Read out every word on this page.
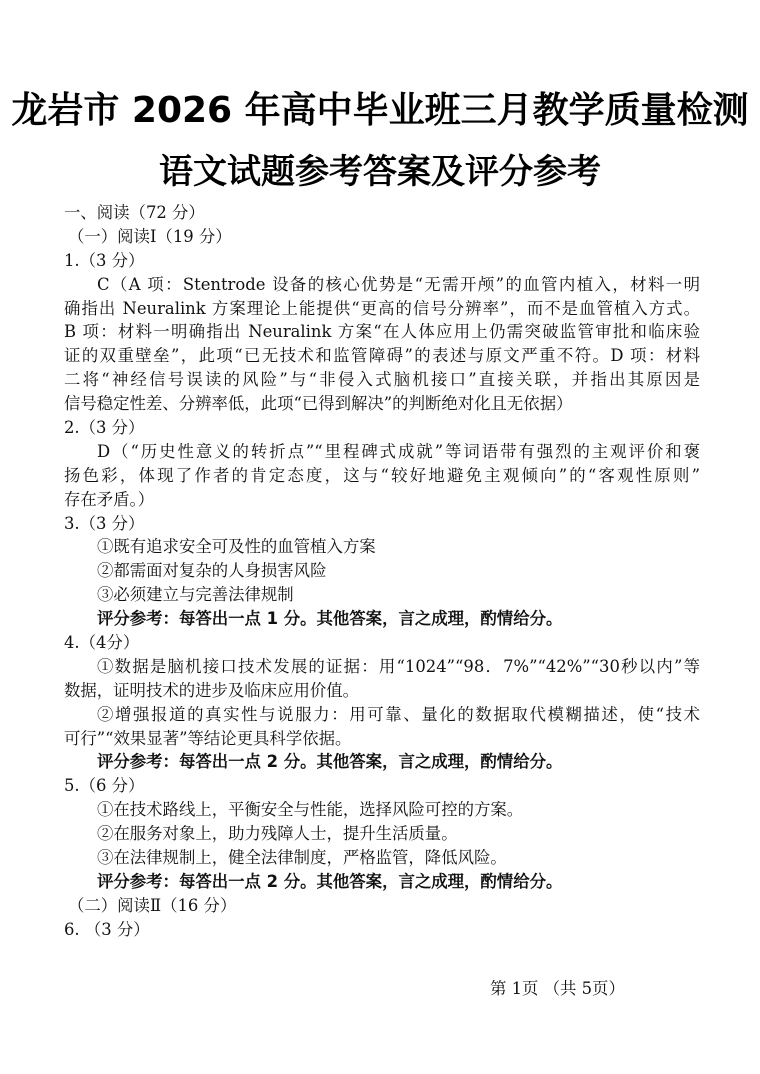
龙岩市 2026 年高中毕业班三月教学质量检测
语文试题参考答案及评分参考
一、阅读（72 分）
（一）阅读Ⅰ（19 分）
1.（3 分）
C（A 项：Stentrode 设备的核心优势是“无需开颅”的血管内植入，材料一明
确指出 Neuralink 方案理论上能提供“更高的信号分辨率”，而不是血管植入方式。
B 项：材料一明确指出 Neuralink 方案“在人体应用上仍需突破监管审批和临床验
证的双重壁垒”，此项“已无技术和监管障碍”的表述与原文严重不符。D 项：材料
二将“神经信号误读的风险”与“非侵入式脑机接口”直接关联，并指出其原因是
信号稳定性差、分辨率低，此项“已得到解决”的判断绝对化且无依据）
2.（3 分）
D（“历史性意义的转折点”“里程碑式成就”等词语带有强烈的主观评价和褒
扬色彩，体现了作者的肯定态度，这与“较好地避免主观倾向”的“客观性原则”
存在矛盾。）
3.（3 分）
①既有追求安全可及性的血管植入方案
②都需面对复杂的人身损害风险
③必须建立与完善法律规制
评分参考：每答出一点 1 分。其他答案，言之成理，酌情给分。
4.（4分）
①数据是脑机接口技术发展的证据：用“1024”“98．7%”“42%”“30秒以内”等
数据，证明技术的进步及临床应用价值。
②增强报道的真实性与说服力：用可靠、量化的数据取代模糊描述，使“技术
可行”“效果显著”等结论更具科学依据。
评分参考：每答出一点 2 分。其他答案，言之成理，酌情给分。
5.（6 分）
①在技术路线上，平衡安全与性能，选择风险可控的方案。
②在服务对象上，助力残障人士，提升生活质量。
③在法律规制上，健全法律制度，严格监管，降低风险。
评分参考：每答出一点 2 分。其他答案，言之成理，酌情给分。
（二）阅读Ⅱ（16 分）
6. （3 分）
第 1页 （共 5页）
